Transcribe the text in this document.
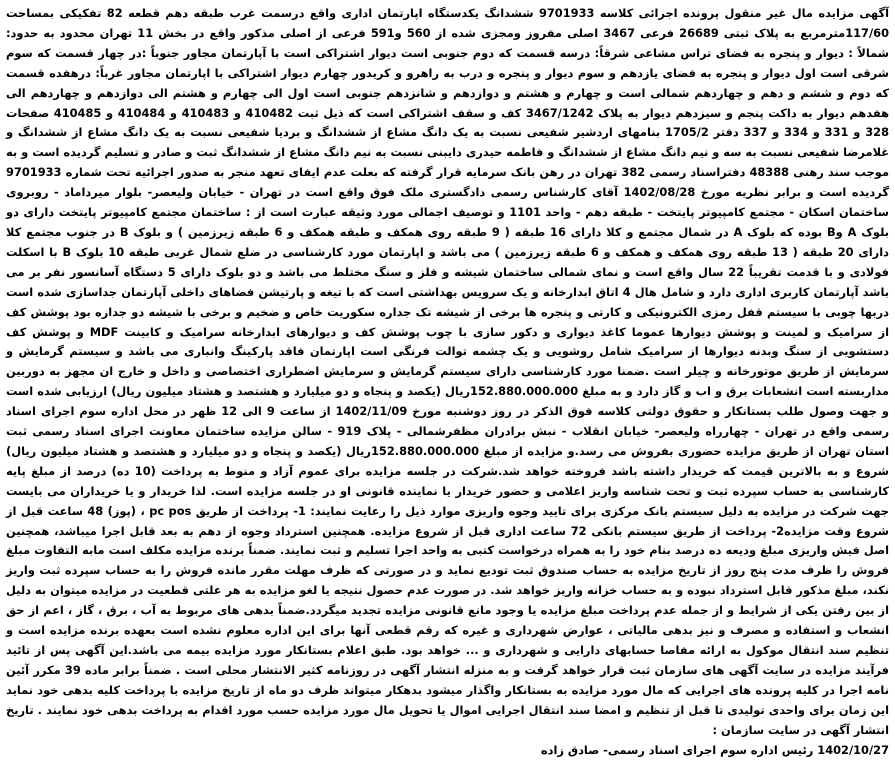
آگهی مزایده مال غیر منقول پرونده اجرائی کلاسه 9701933 ششدانگ یکدستگاه اپارتمان اداری واقع درسمت غرب طبقه دهم قطعه 82 تفکیکی بمساحت 117/60مترمربع به پلاک ثبتی 26689 فرعی 3467 اصلی مفروز ومجزی شده از 560 و591 فرعی از اصلی مذکور واقع در بخش 11 تهران محدود به حدود: شمالاً : دیوار و پنجره به فضای تراس مشاعی شرقاً: درسه قسمت که دوم جنوبی است دیوار اشتراکی است با آپارتمان مجاور جنوباً :در چهار قسمت که سوم شرقی است اول دیوار و پنجره به فضای یازدهم و سوم دیوار و پنجره و درب به راهرو و کریدور چهارم دیوار اشتراکی با اپارتمان مجاور غرباً: درهفده قسمت که دوم و ششم و دهم و چهاردهم شمالی است و چهارم و هشتم و دوازدهم و شانزدهم جنوبی است اول الی چهارم و هشتم الی دوازدهم و چهاردهم الی هفدهم دیوار به داکت پنجم و سیزدهم دیوار به پلاک 3467/1242 کف و سقف اشتراکی است که ذیل ثبت 410482 و 410483 و 410484 و 410485 صفحات 328 و 331 و 334 و 337 دفتر 1705/2 بنامهای اردشیر شفیعی نسبت به یک دانگ مشاع از ششدانگ و بردیا شفیعی نسبت به یک دانگ مشاع از ششدانگ و غلامرضا شفیعی نسبت به سه و نیم دانگ مشاع از ششدانگ و فاطمه حیدری دایبنی نسبت به نیم دانگ مشاع از ششدانگ ثبت و صادر و تسلیم گردیده است و به موجب سند رهنی 48388 دفتراسناد رسمی 382 تهران در رهن بانک سرمایه قرار گرفته که بعلت عدم ایفای تعهد منجر به صدور اجرائیه تحت شماره 9701933 گردیده است و برابر نظریه مورخ 1402/08/28 آقای کارشناس رسمی دادگستری ملک فوق واقع است در تهران - خیابان ولیعصر- بلوار میرداماد - روبروی ساختمان اسکان - مجتمع کامپیوتر پایتخت - طبقه دهم - واحد 1101 و توصیف اجمالی مورد وثیقه عبارت است از : ساختمان مجتمع کامپیوتر پایتخت دارای دو بلوک A وB بوده که بلوک A در شمال مجتمع و کلا دارای 16 طبقه ( 9 طبقه روی همکف و طبقه همکف و 6 طبقه زیرزمین ) و بلوک B در جنوب مجتمع کلا دارای 20 طبقه ( 13 طبقه روی همکف و همکف و 6 طبقه زیرزمین ) می باشد و اپارتمان مورد کارشناسی در ضلع شمال غربی طبقه 10 بلوک B با اسکلت فولادی و با قدمت تقریباً 22 سال واقع است و نمای شمالی ساختمان شیشه و فلز و سنگ مختلط می باشد و دو بلوک دارای 5 دستگاه آسانسور نفر بر می باشد آپارتمان کاربری اداری دارد و شامل هال 4 اتاق ابدارخانه و یک سرویس بهداشتی است که با تیغه و پارتیشن فضاهای داخلی آپارتمان جداسازی شده است دربها چوبی با سیستم قفل رمزی الکترونیکی و کارتی و پنجره ها برخی از شیشه تک جداره سکوریت خاص و ضخیم و برخی با شیشه دو جداره بود پوشش کف از سرامیک و لمینت و پوشش دیوارها عموما کاغذ دیواری و دکور سازی با چوب پوشش کف و دیوارهای ابدارخانه سرامیک و کابینت MDF و پوشش کف دستشویی از سنگ وبدنه دیوارها از سرامیک شامل روشویی و یک چشمه توالت فرنگی است اپارتمان فاقد پارکینگ وانباری می باشد و سیستم گرمایش و سرمایش از طریق موتورخانه و چیلر است .ضمنا مورد کارشناسی دارای سیستم گرمایش و سرمایش اضطراری اختصاصی و داخل و خارج ان مجهز به دوربین مداربسته است انشعابات برق و اب و گاز دارد و به مبلغ 152.880.000.000ریال (یکصد و پنجاه و دو میلیارد و هشتصد و هشتاد میلیون ریال) ارزیابی شده است و جهت وصول طلب بستانکار و حقوق دولتی کلاسه فوق الذکر در روز دوشنبه مورخ 1402/11/09 از ساعت 9 الی 12 ظهر در محل اداره سوم اجرای اسناد رسمی واقع در تهران - چهارراه ولیعصر- خیابان انقلاب - نبش برادران مظفرشمالی - پلاک 919 - سالن مزایده ساختمان معاونت اجرای اسناد رسمی ثبت استان تهران از طریق مزایده حضوری بفروش می رسد.و مزایده از مبلغ 152.880.000.000ریال (یکصد و پنجاه و دو میلیارد و هشتصد و هشتاد میلیون ریال) شروع و به بالاترین قیمت که خریدار داشته باشد فروخته خواهد شد.شرکت در جلسه مزایده برای عموم آزاد و منوط به پرداخت (10 ده) درصد از مبلغ پایه کارشناسی به حساب سپرده ثبت و تحت شناسه واریز اعلامی و حضور خریدار یا نماینده قانونی او در جلسه مزایده است. لذا خریدار و یا خریداران می بایست جهت شرکت در مزایده به دلیل سیستم بانک مرکزی برای تایید وجوه واریزی موارد ذیل را رعایت نمایند: 1- پرداخت از طریق pc pos ، (پوز) 48 ساعت قبل از شروع وقت مزایده2- پرداخت از طریق سیستم بانکی 72 ساعت اداری قبل از شروع مزایده. همچنین استرداد وجوه از دهم به بعد قابل اجرا میباشد، همچنین اصل فیش واریزی مبلغ ودیعه ده درصد بنام خود را به همراه درخواست کتبی به واحد اجرا تسلیم و ثبت نمایند. ضمناً برنده مزایده مکلف است مابه التفاوت مبلغ فروش را ظرف مدت پنج روز از تاریخ مزایده به حساب صندوق ثبت تودیع نماید و در صورتی که ظرف مهلت مقرر مانده فروش را به حساب سپرده ثبت واریز نکند، مبلغ مذکور قابل استرداد نبوده و به حساب خزانه واریز خواهد شد. در صورت عدم حصول نتیجه یا لغو مزایده به هر علتی قطعیت در مزایده میتوان به دلیل از بین رفتن یکی از شرایط و از جمله عدم پرداخت مبلغ مزایده یا وجود مانع قانونی مزایده تجدید میگردد.ضمناً بدهی های مربوط به آب ، برق ، گاز ، اعم از حق انشعاب و استفاده و مصرف و نیز بدهی مالیاتی ، عوارض شهرداری و غیره که رقم قطعی آنها برای این اداره معلوم نشده است بعهده برنده مزایده است و تنظیم سند انتقال موکول به ارائه مفاصا حسابهای دارایی و شهرداری و ... خواهد بود. طبق اعلام بستانکار مورد مزایده بیمه می باشد.این آگهی پس از تائید فرآیند مزایده در سایت آگهی های سازمان ثبت قرار خواهد گرفت و به منزله انتشار آگهی در روزنامه کثیر الانتشار محلی است . ضمناً برابر ماده 39 مکرر آئین نامه اجرا در کلیه پرونده های اجرایی که مال مورد مزایده به بستانکار واگذار میشود بدهکار میتواند ظرف دو ماه از تاریخ مزایده با پرداخت کلیه بدهی خود نماید این زمان برای واحدی تولیدی تا قبل از تنظیم و امضا سند انتقال اجرایی اموال یا تحویل مال مورد مزایده حسب مورد اقدام به پرداخت بدهی خود نمایند . تاریخ انتشار آگهی در سایت سازمان :

1402/10/27 رئیس اداره سوم اجرای اسناد رسمی- صادق زاده
